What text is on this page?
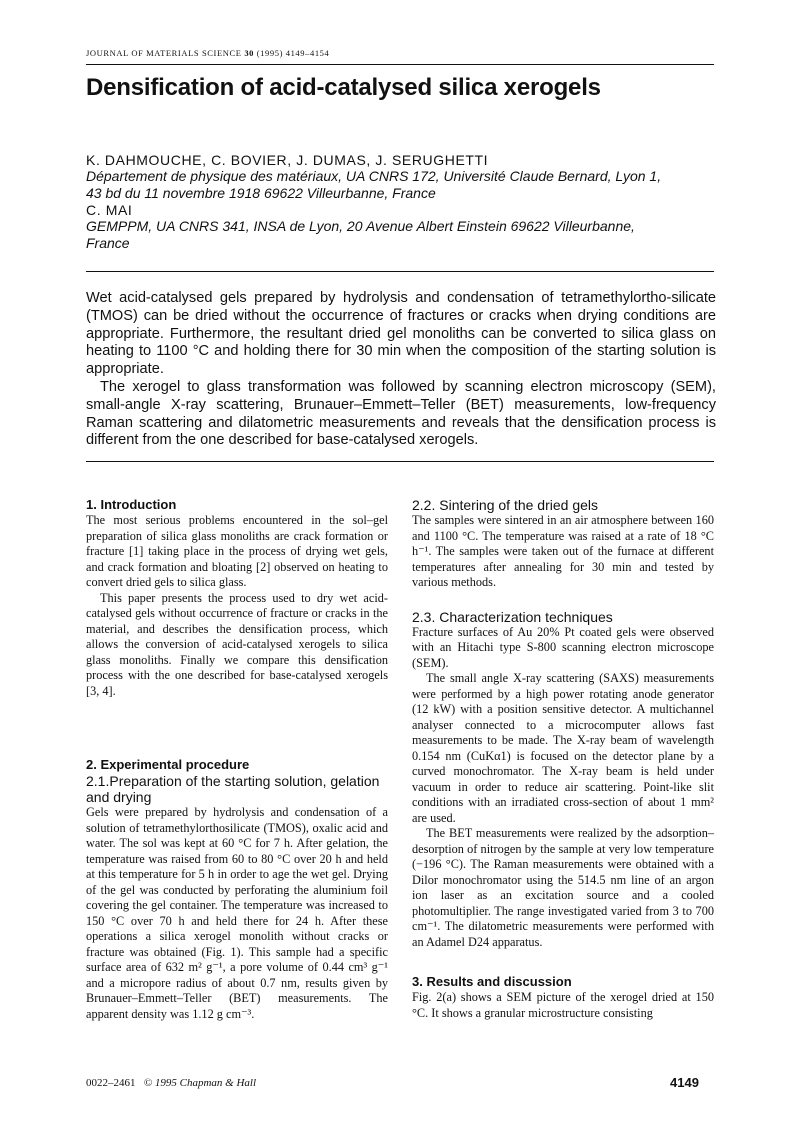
JOURNAL OF MATERIALS SCIENCE 30 (1995) 4149–4154
Densification of acid-catalysed silica xerogels
K. DAHMOUCHE, C. BOVIER, J. DUMAS, J. SERUGHETTI
Département de physique des matériaux, UA CNRS 172, Université Claude Bernard, Lyon 1,
43 bd du 11 novembre 1918 69622 Villeurbanne, France
C. MAI
GEMPPM, UA CNRS 341, INSA de Lyon, 20 Avenue Albert Einstein 69622 Villeurbanne,
France

Wet acid-catalysed gels prepared by hydrolysis and condensation of tetramethylortho-silicate (TMOS) can be dried without the occurrence of fractures or cracks when drying conditions are appropriate. Furthermore, the resultant dried gel monoliths can be converted to silica glass on heating to 1100 °C and holding there for 30 min when the composition of the starting solution is appropriate.

The xerogel to glass transformation was followed by scanning electron microscopy (SEM), small-angle X-ray scattering, Brunauer–Emmett–Teller (BET) measurements, low-frequency Raman scattering and dilatometric measurements and reveals that the densification process is different from the one described for base-catalysed xerogels.

1. Introduction

The most serious problems encountered in the sol–gel preparation of silica glass monoliths are crack formation or fracture [1] taking place in the process of drying wet gels, and crack formation and bloating [2] observed on heating to convert dried gels to silica glass.

This paper presents the process used to dry wet acid-catalysed gels without occurrence of fracture or cracks in the material, and describes the densification process, which allows the conversion of acid-catalysed xerogels to silica glass monoliths. Finally we compare this densification process with the one described for base-catalysed xerogels [3, 4].

2. Experimental procedure
2.1.Preparation of the starting solution, gelation and drying

Gels were prepared by hydrolysis and condensation of a solution of tetramethylorthosilicate (TMOS), oxalic acid and water. The sol was kept at 60 °C for 7 h. After gelation, the temperature was raised from 60 to 80 °C over 20 h and held at this temperature for 5 h in order to age the wet gel. Drying of the gel was conducted by perforating the aluminium foil covering the gel container. The temperature was increased to 150 °C over 70 h and held there for 24 h. After these operations a silica xerogel monolith without cracks or fracture was obtained (Fig. 1). This sample had a specific surface area of 632 m² g⁻¹, a pore volume of 0.44 cm³ g⁻¹ and a micropore radius of about 0.7 nm, results given by Brunauer–Emmett–Teller (BET) measurements. The apparent density was 1.12 g cm⁻³.

2.2. Sintering of the dried gels

The samples were sintered in an air atmosphere between 160 and 1100 °C. The temperature was raised at a rate of 18 °C h⁻¹. The samples were taken out of the furnace at different temperatures after annealing for 30 min and tested by various methods.

2.3. Characterization techniques

Fracture surfaces of Au 20% Pt coated gels were observed with an Hitachi type S-800 scanning electron microscope (SEM).

The small angle X-ray scattering (SAXS) measurements were performed by a high power rotating anode generator (12 kW) with a position sensitive detector. A multichannel analyser connected to a microcomputer allows fast measurements to be made. The X-ray beam of wavelength 0.154 nm (CuKα1) is focused on the detector plane by a curved monochromator. The X-ray beam is held under vacuum in order to reduce air scattering. Point-like slit conditions with an irradiated cross-section of about 1 mm² are used.

The BET measurements were realized by the adsorption–desorption of nitrogen by the sample at very low temperature (−196 °C). The Raman measurements were obtained with a Dilor monochromator using the 514.5 nm line of an argon ion laser as an excitation source and a cooled photomultiplier. The range investigated varied from 3 to 700 cm⁻¹. The dilatometric measurements were performed with an Adamel D24 apparatus.

3. Results and discussion

Fig. 2(a) shows a SEM picture of the xerogel dried at 150 °C. It shows a granular microstructure consisting

0022–2461 © 1995 Chapman & Hall	4149
